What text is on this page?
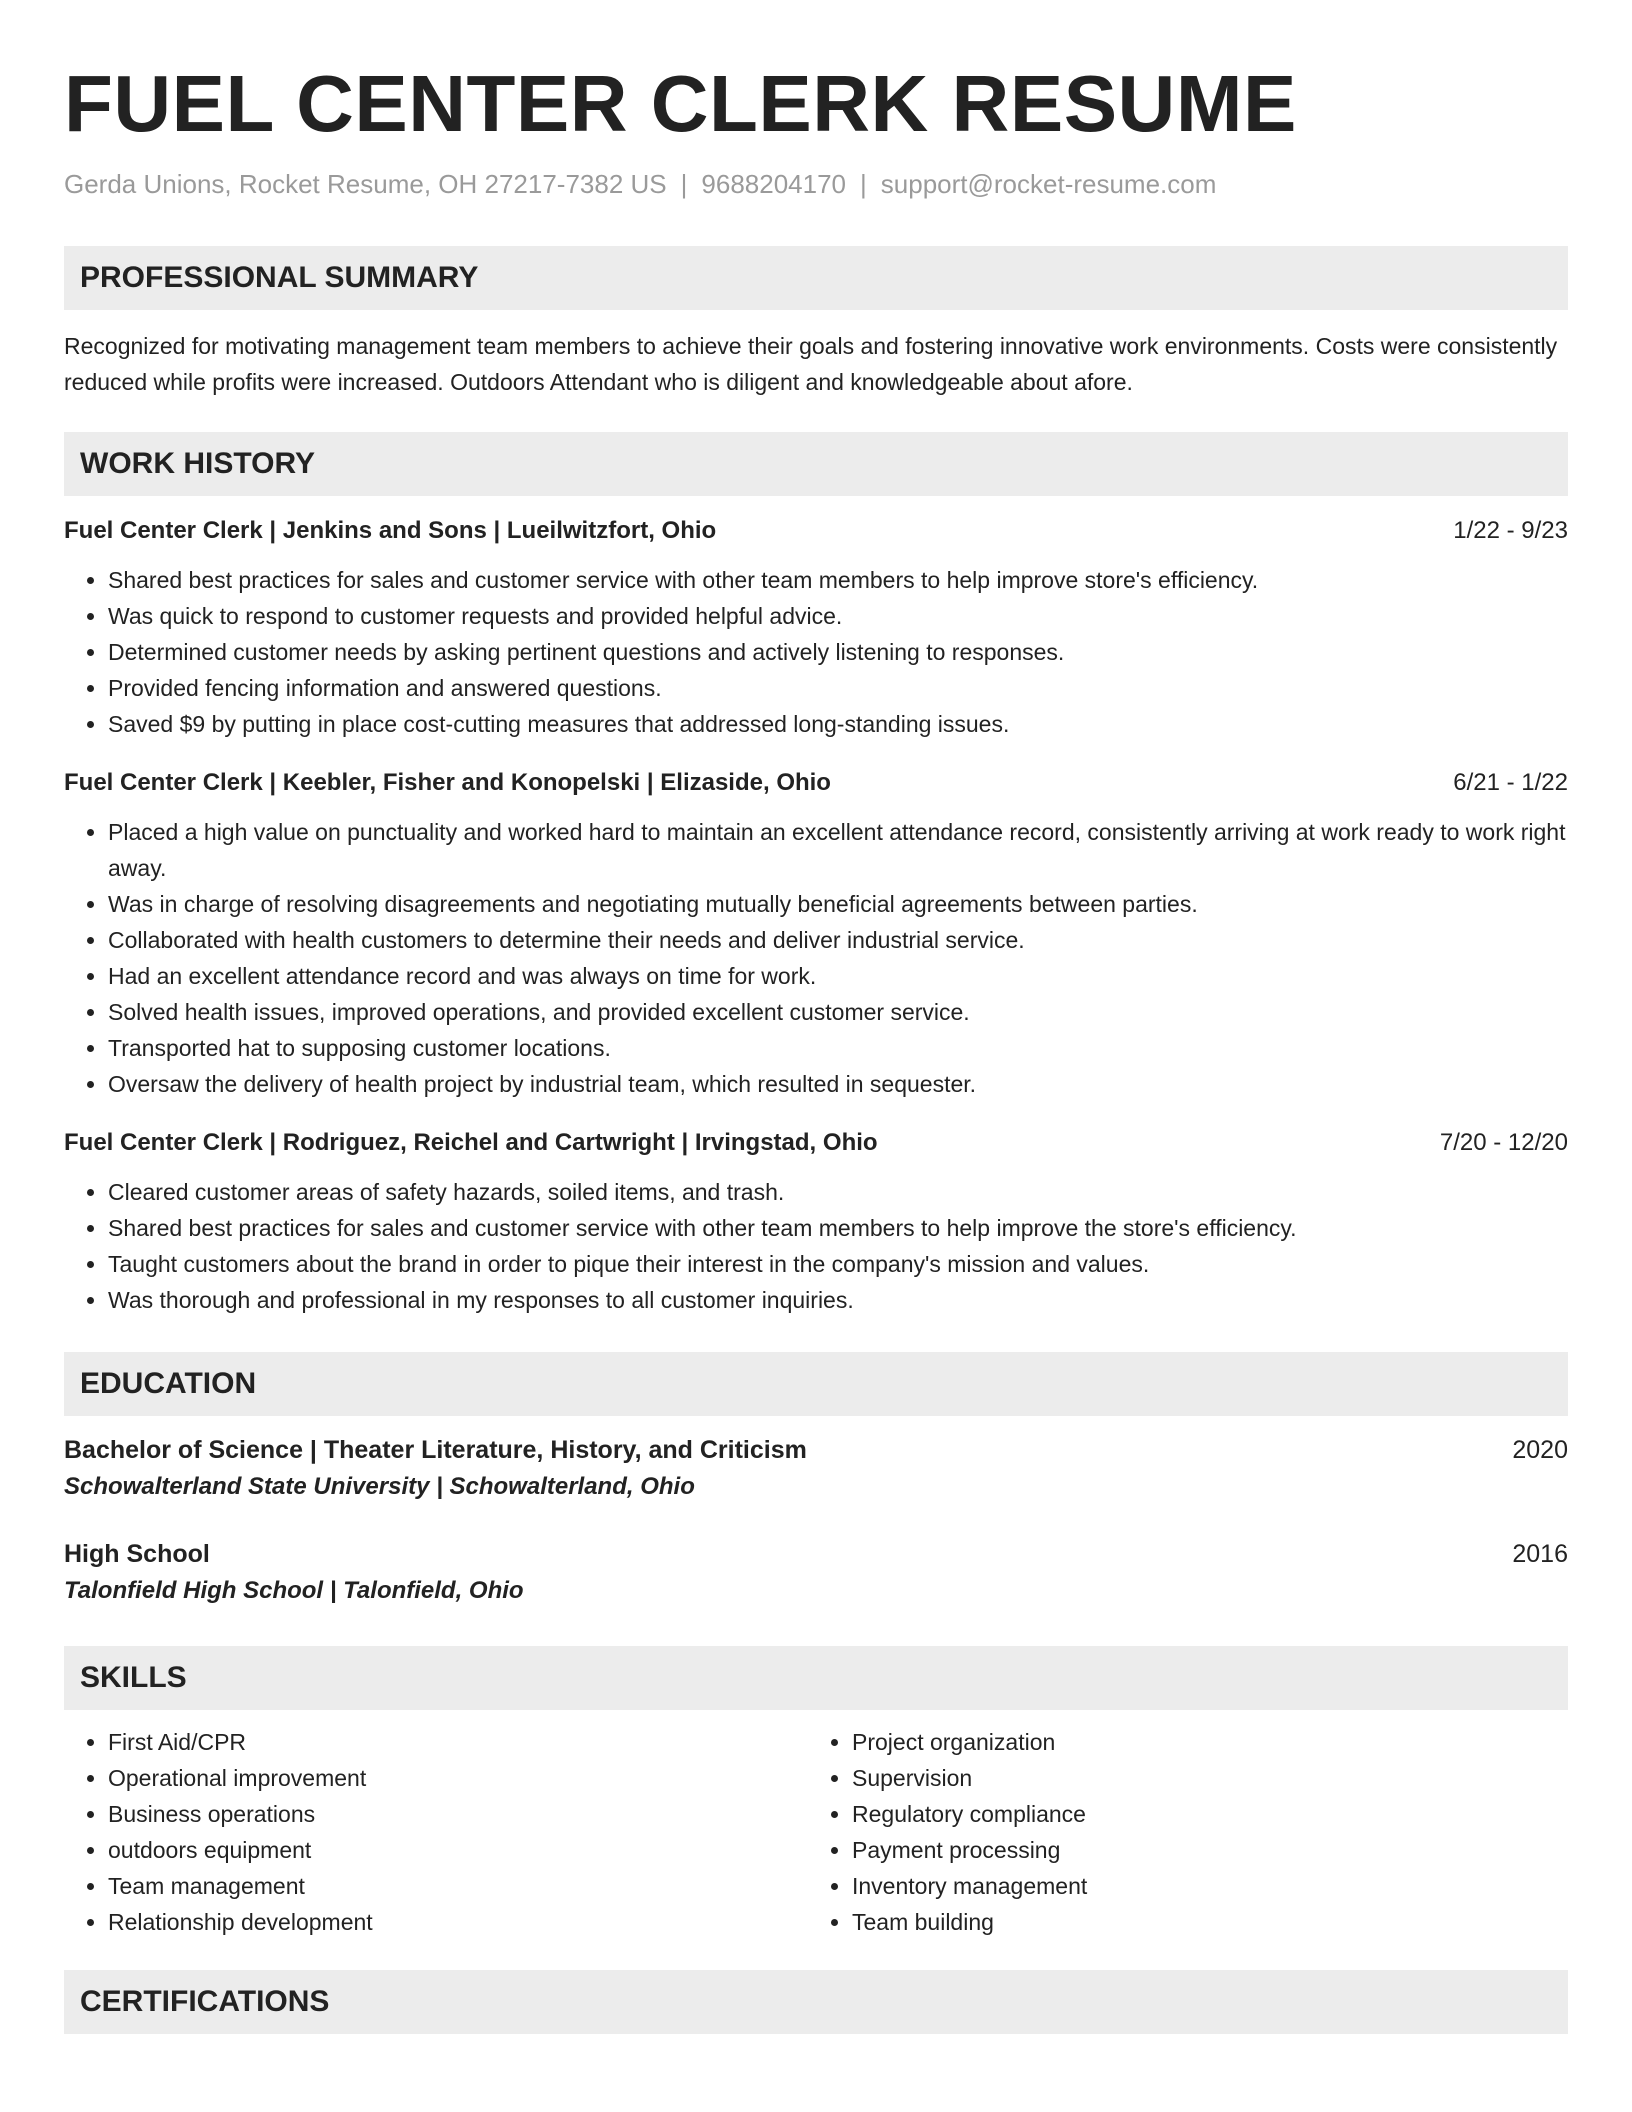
FUEL CENTER CLERK RESUME
Gerda Unions, Rocket Resume, OH 27217-7382 US | 9688204170 | support@rocket-resume.com
PROFESSIONAL SUMMARY

Recognized for motivating management team members to achieve their goals and fostering innovative work environments. Costs were consistently reduced while profits were increased. Outdoors Attendant who is diligent and knowledgeable about afore.

WORK HISTORY
Fuel Center Clerk | Jenkins and Sons | Lueilwitzfort, Ohio	1/22 - 9/23
• Shared best practices for sales and customer service with other team members to help improve store's efficiency.
• Was quick to respond to customer requests and provided helpful advice.
• Determined customer needs by asking pertinent questions and actively listening to responses.
• Provided fencing information and answered questions.
• Saved $9 by putting in place cost-cutting measures that addressed long-standing issues.
Fuel Center Clerk | Keebler, Fisher and Konopelski | Elizaside, Ohio	6/21 - 1/22
• Placed a high value on punctuality and worked hard to maintain an excellent attendance record, consistently arriving at work ready to work right away.
• Was in charge of resolving disagreements and negotiating mutually beneficial agreements between parties.
• Collaborated with health customers to determine their needs and deliver industrial service.
• Had an excellent attendance record and was always on time for work.
• Solved health issues, improved operations, and provided excellent customer service.
• Transported hat to supposing customer locations.
• Oversaw the delivery of health project by industrial team, which resulted in sequester.
Fuel Center Clerk | Rodriguez, Reichel and Cartwright | Irvingstad, Ohio	7/20 - 12/20
• Cleared customer areas of safety hazards, soiled items, and trash.
• Shared best practices for sales and customer service with other team members to help improve the store's efficiency.
• Taught customers about the brand in order to pique their interest in the company's mission and values.
• Was thorough and professional in my responses to all customer inquiries.
EDUCATION
Bachelor of Science | Theater Literature, History, and Criticism	2020
Schowalterland State University | Schowalterland, Ohio
High School	2016
Talonfield High School | Talonfield, Ohio
SKILLS
• First Aid/CPR
• Operational improvement
• Business operations
• outdoors equipment
• Team management
• Relationship development
• Project organization
• Supervision
• Regulatory compliance
• Payment processing
• Inventory management
• Team building
CERTIFICATIONS
